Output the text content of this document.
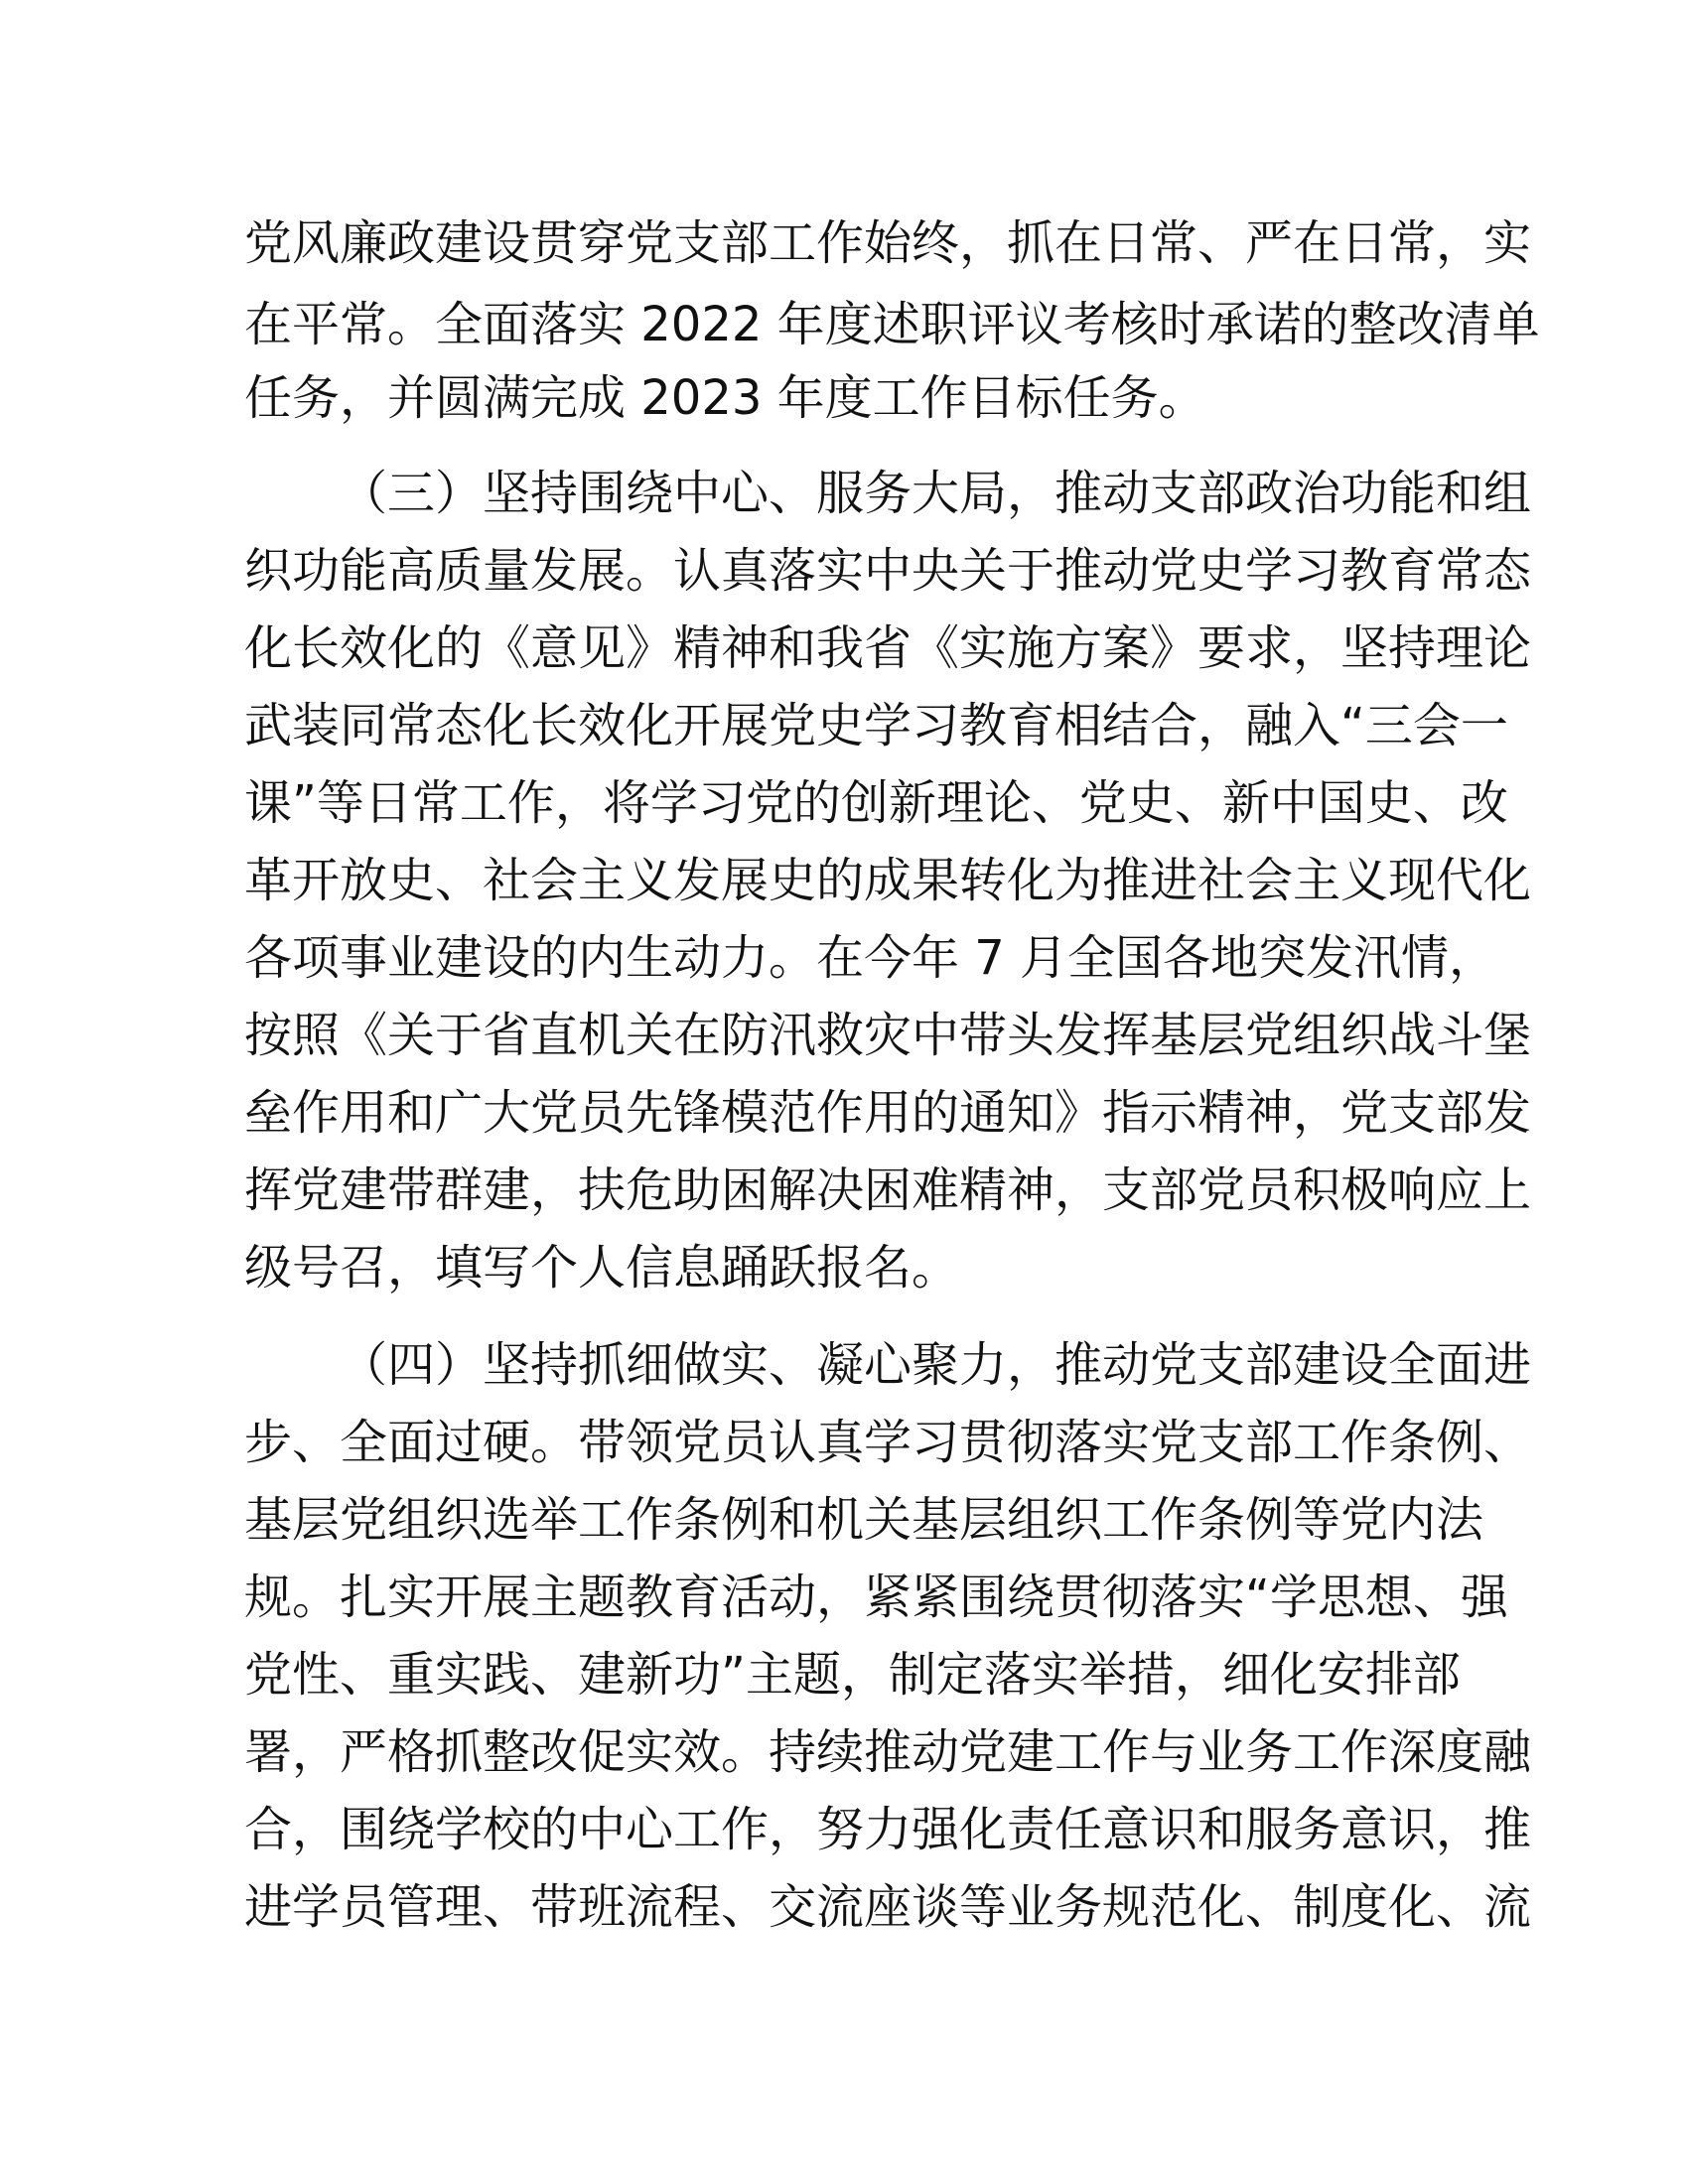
党风廉政建设贯穿党支部工作始终，抓在日常、严在日常，实
在平常。全面落实 2022 年度述职评议考核时承诺的整改清单
任务，并圆满完成 2023 年度工作目标任务。
（三）坚持围绕中心、服务大局，推动支部政治功能和组
织功能高质量发展。认真落实中央关于推动党史学习教育常态
化长效化的《意见》精神和我省《实施方案》要求，坚持理论
武装同常态化长效化开展党史学习教育相结合，融入“三会一
课”等日常工作，将学习党的创新理论、党史、新中国史、改
革开放史、社会主义发展史的成果转化为推进社会主义现代化
各项事业建设的内生动力。在今年 7 月全国各地突发汛情，
按照《关于省直机关在防汛救灾中带头发挥基层党组织战斗堡
垒作用和广大党员先锋模范作用的通知》指示精神，党支部发
挥党建带群建，扶危助困解决困难精神，支部党员积极响应上
级号召，填写个人信息踊跃报名。
（四）坚持抓细做实、凝心聚力，推动党支部建设全面进
步、全面过硬。带领党员认真学习贯彻落实党支部工作条例、
基层党组织选举工作条例和机关基层组织工作条例等党内法
规。扎实开展主题教育活动，紧紧围绕贯彻落实“学思想、强
党性、重实践、建新功”主题，制定落实举措，细化安排部
署，严格抓整改促实效。持续推动党建工作与业务工作深度融
合，围绕学校的中心工作，努力强化责任意识和服务意识，推
进学员管理、带班流程、交流座谈等业务规范化、制度化、流
